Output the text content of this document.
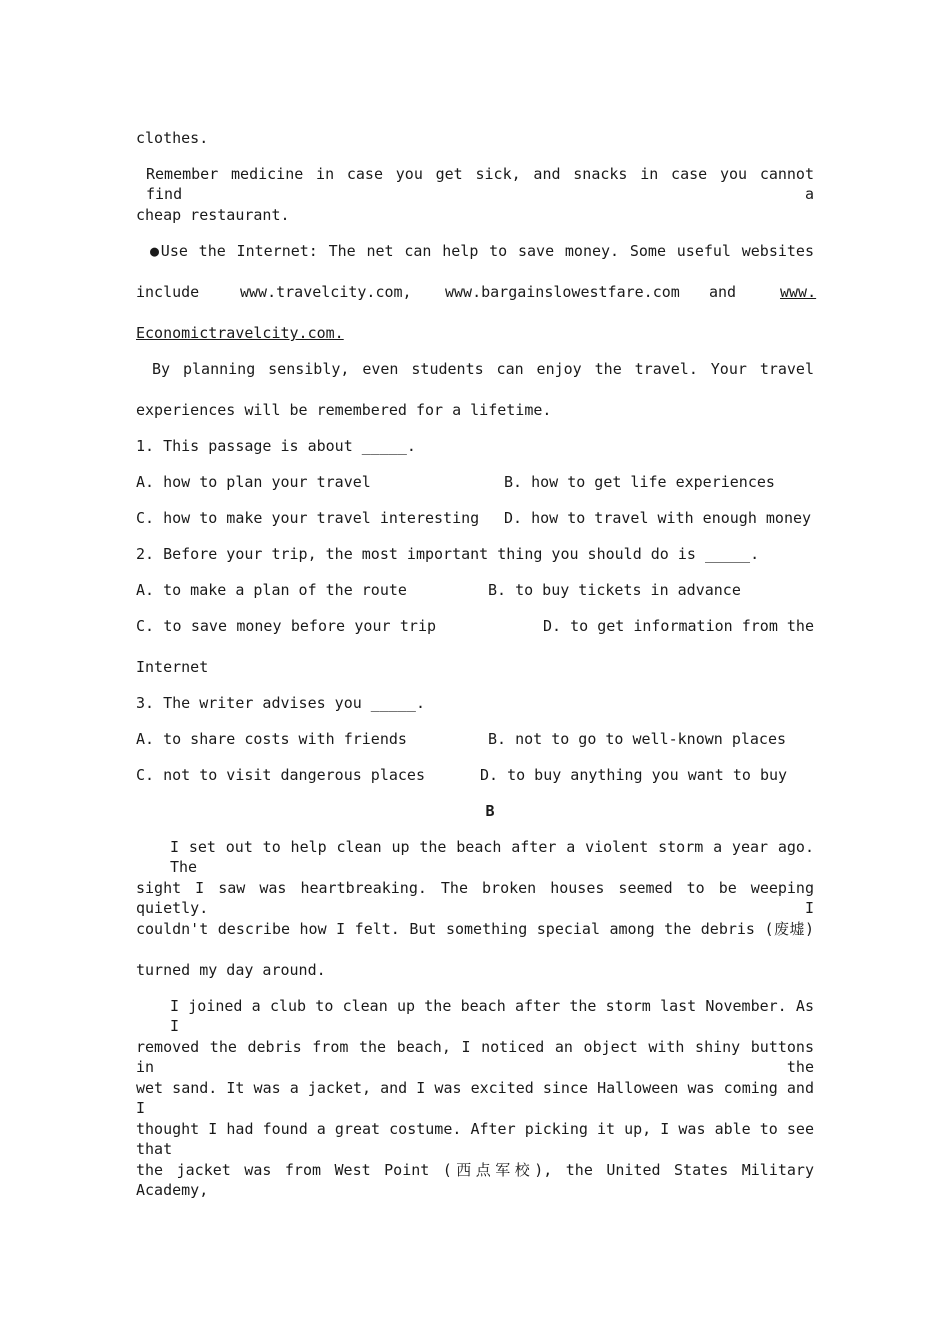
clothes.
Remember medicine in case you get sick, and snacks in case you cannot find a
cheap restaurant.
●Use the Internet: The net can help to save money. Some useful websites
include	www.travelcity.com, www.bargainslowestfare.com and	www.
Economictravelcity.com.
By planning sensibly, even students can enjoy the travel. Your travel
experiences will be remembered for a lifetime.
1. This passage is about _____.
A. how to plan your travel	B. how to get life experiences
C. how to make your travel interesting D. how to travel with enough money
2. Before your trip, the most important thing you should do is _____.
A. to make a plan of the route	B. to buy tickets in advance
C. to save money before your trip	D. to get information from the
Internet
3. The writer advises you _____.
A. to share costs with friends	B. not to go to well-known places
C. not to visit dangerous places	D. to buy anything you want to buy
B
I set out to help clean up the beach after a violent storm a year ago. The
sight I saw was heartbreaking. The broken houses seemed to be weeping quietly. I
couldn't describe how I felt. But something special among the debris (废墟)
turned my day around.
I joined a club to clean up the beach after the storm last November. As I
removed the debris from the beach, I noticed an object with shiny buttons in the
wet sand. It was a jacket, and I was excited since Halloween was coming and I
thought I had found a great costume. After picking it up, I was able to see that
the jacket was from West Point (西点军校), the United States Military Academy,
